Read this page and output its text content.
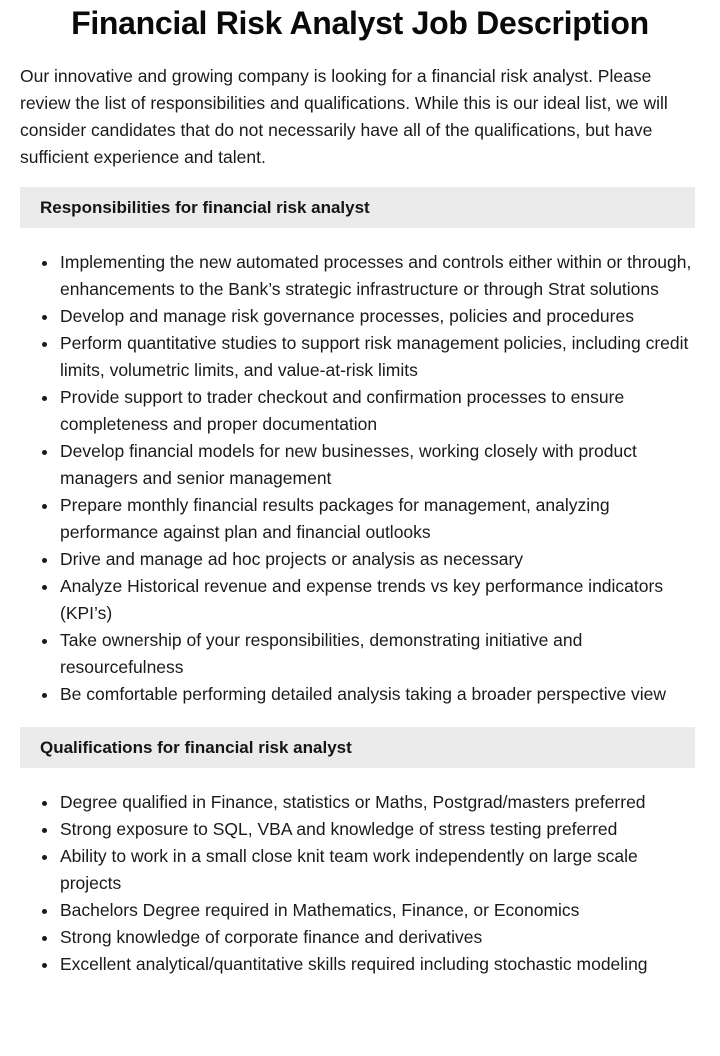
Financial Risk Analyst Job Description

Our innovative and growing company is looking for a financial risk analyst. Please review the list of responsibilities and qualifications. While this is our ideal list, we will consider candidates that do not necessarily have all of the qualifications, but have sufficient experience and talent.

Responsibilities for financial risk analyst
Implementing the new automated processes and controls either within or through, enhancements to the Bank’s strategic infrastructure or through Strat solutions
Develop and manage risk governance processes, policies and procedures
Perform quantitative studies to support risk management policies, including credit limits, volumetric limits, and value-at-risk limits
Provide support to trader checkout and confirmation processes to ensure completeness and proper documentation
Develop financial models for new businesses, working closely with product managers and senior management
Prepare monthly financial results packages for management, analyzing performance against plan and financial outlooks
Drive and manage ad hoc projects or analysis as necessary
Analyze Historical revenue and expense trends vs key performance indicators (KPI’s)
Take ownership of your responsibilities, demonstrating initiative and resourcefulness
Be comfortable performing detailed analysis taking a broader perspective view
Qualifications for financial risk analyst
Degree qualified in Finance, statistics or Maths, Postgrad/masters preferred
Strong exposure to SQL, VBA and knowledge of stress testing preferred
Ability to work in a small close knit team work independently on large scale projects
Bachelors Degree required in Mathematics, Finance, or Economics
Strong knowledge of corporate finance and derivatives
Excellent analytical/quantitative skills required including stochastic modeling
